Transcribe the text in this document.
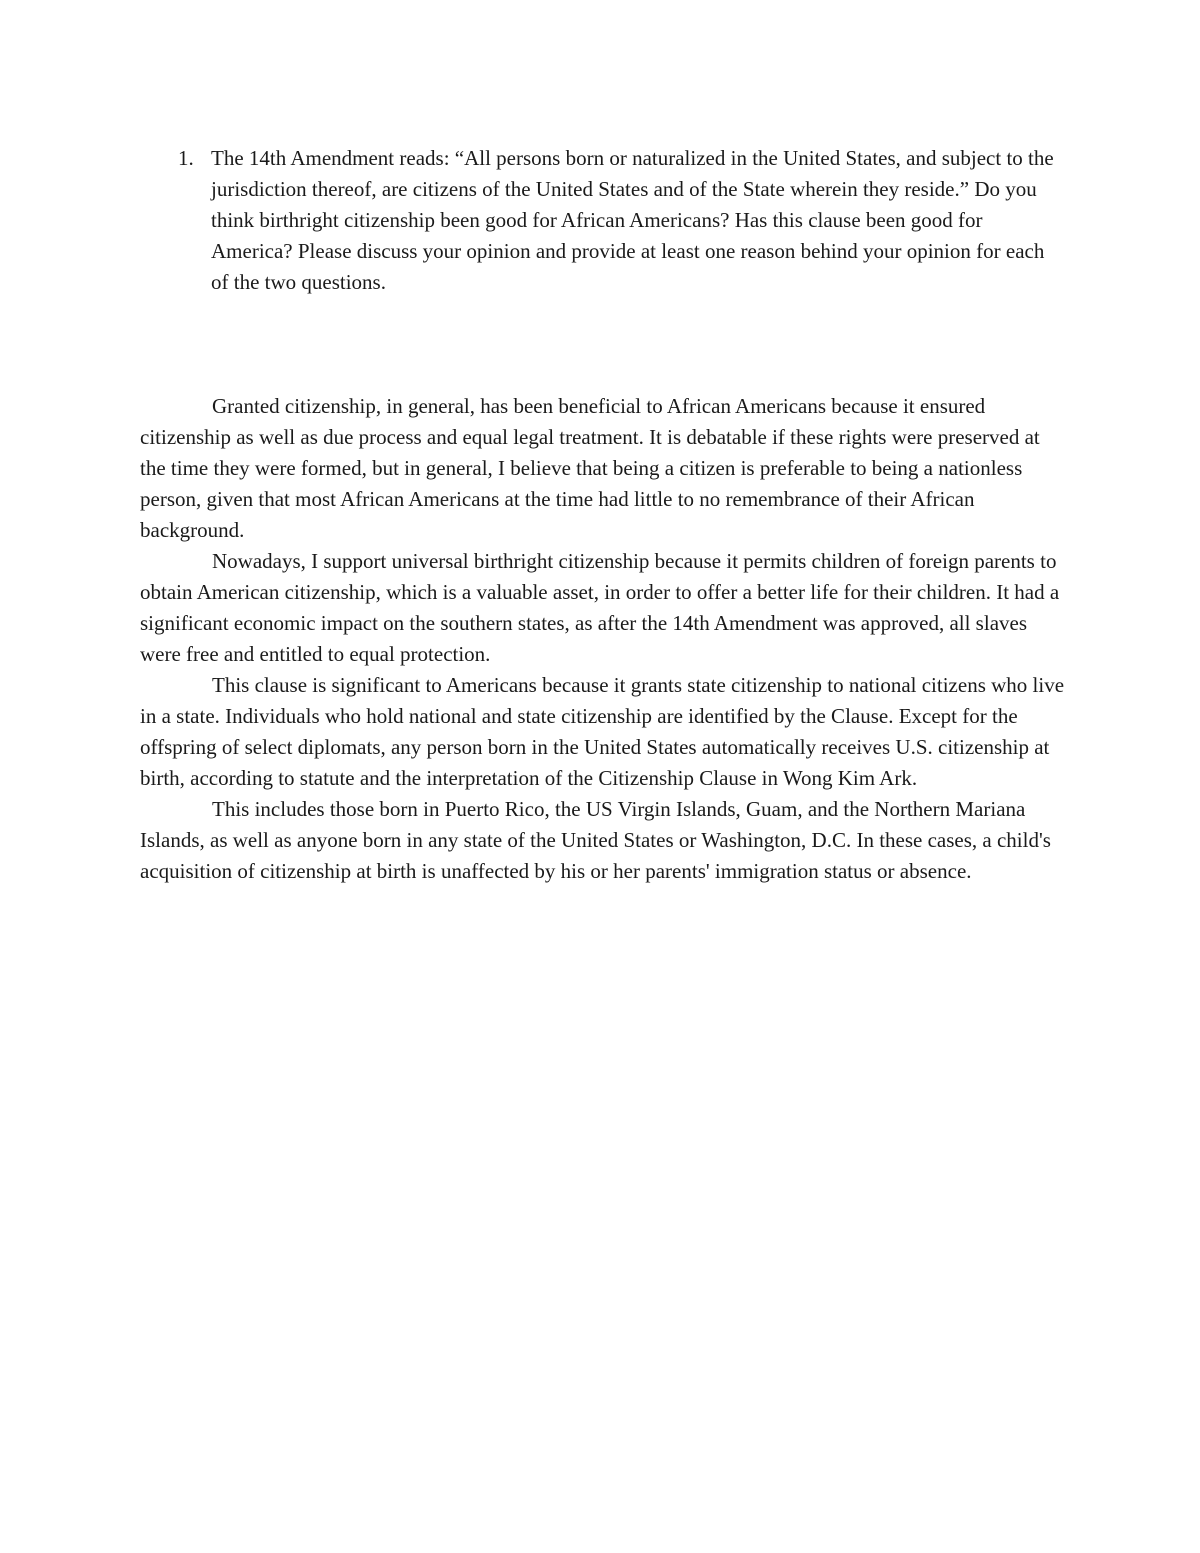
1. The 14th Amendment reads: “All persons born or naturalized in the United States, and subject to the jurisdiction thereof, are citizens of the United States and of the State wherein they reside.” Do you think birthright citizenship been good for African Americans? Has this clause been good for America? Please discuss your opinion and provide at least one reason behind your opinion for each of the two questions.

Granted citizenship, in general, has been beneficial to African Americans because it ensured citizenship as well as due process and equal legal treatment. It is debatable if these rights were preserved at the time they were formed, but in general, I believe that being a citizen is preferable to being a nationless person, given that most African Americans at the time had little to no remembrance of their African background.

Nowadays, I support universal birthright citizenship because it permits children of foreign parents to obtain American citizenship, which is a valuable asset, in order to offer a better life for their children. It had a significant economic impact on the southern states, as after the 14th Amendment was approved, all slaves were free and entitled to equal protection.

This clause is significant to Americans because it grants state citizenship to national citizens who live in a state. Individuals who hold national and state citizenship are identified by the Clause. Except for the offspring of select diplomats, any person born in the United States automatically receives U.S. citizenship at birth, according to statute and the interpretation of the Citizenship Clause in Wong Kim Ark.

This includes those born in Puerto Rico, the US Virgin Islands, Guam, and the Northern Mariana Islands, as well as anyone born in any state of the United States or Washington, D.C. In these cases, a child's acquisition of citizenship at birth is unaffected by his or her parents' immigration status or absence.
